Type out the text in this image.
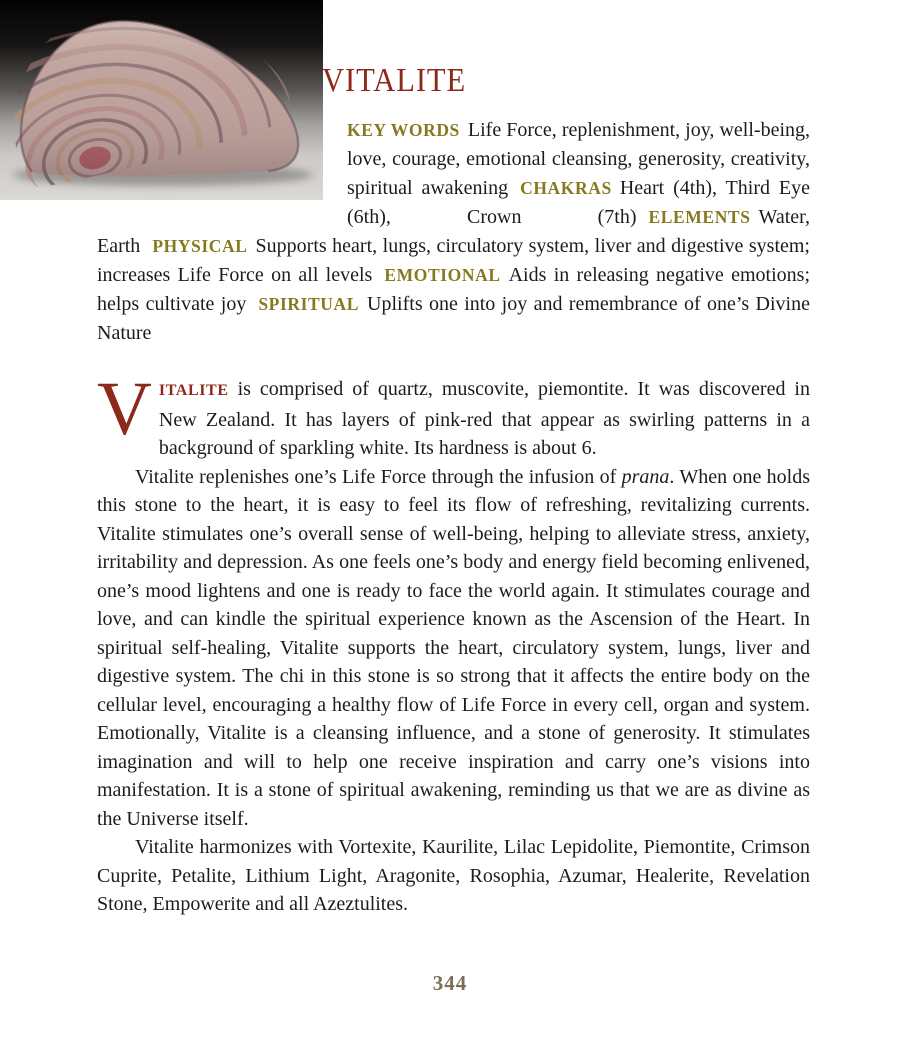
VITALITE

KEY WORDS Life Force, replenishment, joy, well-being, love, courage, emotional cleansing, generosity, creativity, spiritual awakening CHAKRAS Heart (4th), Third Eye (6th), Crown (7th) ELEMENTS Water, Earth PHYSICAL Supports heart, lungs, circulatory system, liver and digestive system; increases Life Force on all levels EMOTIONAL Aids in releasing negative emotions; helps cultivate joy SPIRITUAL Uplifts one into joy and remembrance of one’s Divine Nature

VITALITE is comprised of quartz, muscovite, piemontite. It was discovered in New Zealand. It has layers of pink-red that appear as swirling patterns in a background of sparkling white. Its hardness is about 6.

Vitalite replenishes one’s Life Force through the infusion of prana. When one holds this stone to the heart, it is easy to feel its flow of refreshing, revitalizing currents. Vitalite stimulates one’s overall sense of well-being, helping to alleviate stress, anxiety, irritability and depression. As one feels one’s body and energy field becoming enlivened, one’s mood lightens and one is ready to face the world again. It stimulates courage and love, and can kindle the spiritual experience known as the Ascension of the Heart. In spiritual self-healing, Vitalite supports the heart, circulatory system, lungs, liver and digestive system. The chi in this stone is so strong that it affects the entire body on the cellular level, encouraging a healthy flow of Life Force in every cell, organ and system. Emotionally, Vitalite is a cleansing influence, and a stone of generosity. It stimulates imagination and will to help one receive inspiration and carry one’s visions into manifestation. It is a stone of spiritual awakening, reminding us that we are as divine as the Universe itself.

Vitalite harmonizes with Vortexite, Kaurilite, Lilac Lepidolite, Piemontite, Crimson Cuprite, Petalite, Lithium Light, Aragonite, Rosophia, Azumar, Healerite, Revelation Stone, Empowerite and all Azeztulites.

344
